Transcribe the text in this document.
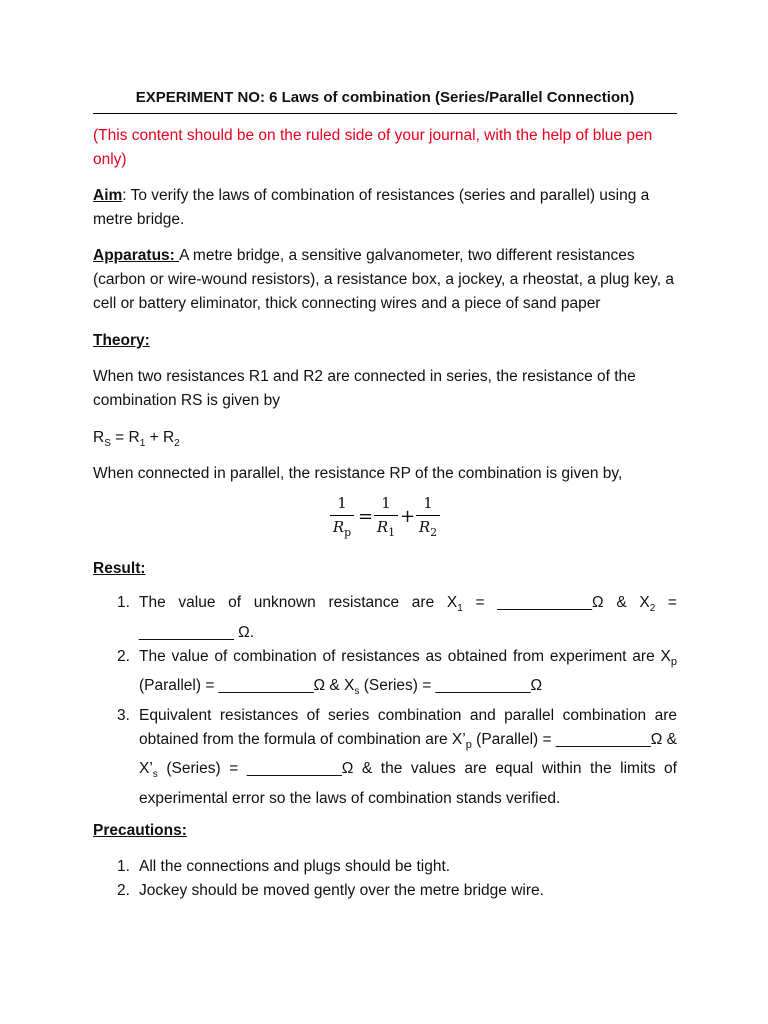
EXPERIMENT NO: 6 Laws of combination (Series/Parallel Connection)

(This content should be on the ruled side of your journal, with the help of blue pen only)

Aim: To verify the laws of combination of resistances (series and parallel) using a metre bridge.

Apparatus: A metre bridge, a sensitive galvanometer, two different resistances (carbon or wire-wound resistors), a resistance box, a jockey, a rheostat, a plug key, a cell or battery eliminator, thick connecting wires and a piece of sand paper

Theory:

When two resistances R1 and R2 are connected in series, the resistance of the combination RS is given by

$R_S = R_1 + R_2$

When connected in parallel, the resistance RP of the combination is given by,

1
$R_p$
=
1
$R_1$
+
1
$R_2$

Result:

1. The value of unknown resistance are $X_1$ = ___________Ω & $X_2$ = ___________ Ω.
2. The value of combination of resistances as obtained from experiment are $X_p$ (Parallel) = ___________Ω & $X_s$ (Series) = ___________Ω
3. Equivalent resistances of series combination and parallel combination are obtained from the formula of combination are $X’_p$ (Parallel) = ___________Ω & $X’_s$ (Series) = ___________Ω & the values are equal within the limits of experimental error so the laws of combination stands verified.

Precautions:

1. All the connections and plugs should be tight.
2. Jockey should be moved gently over the metre bridge wire.
